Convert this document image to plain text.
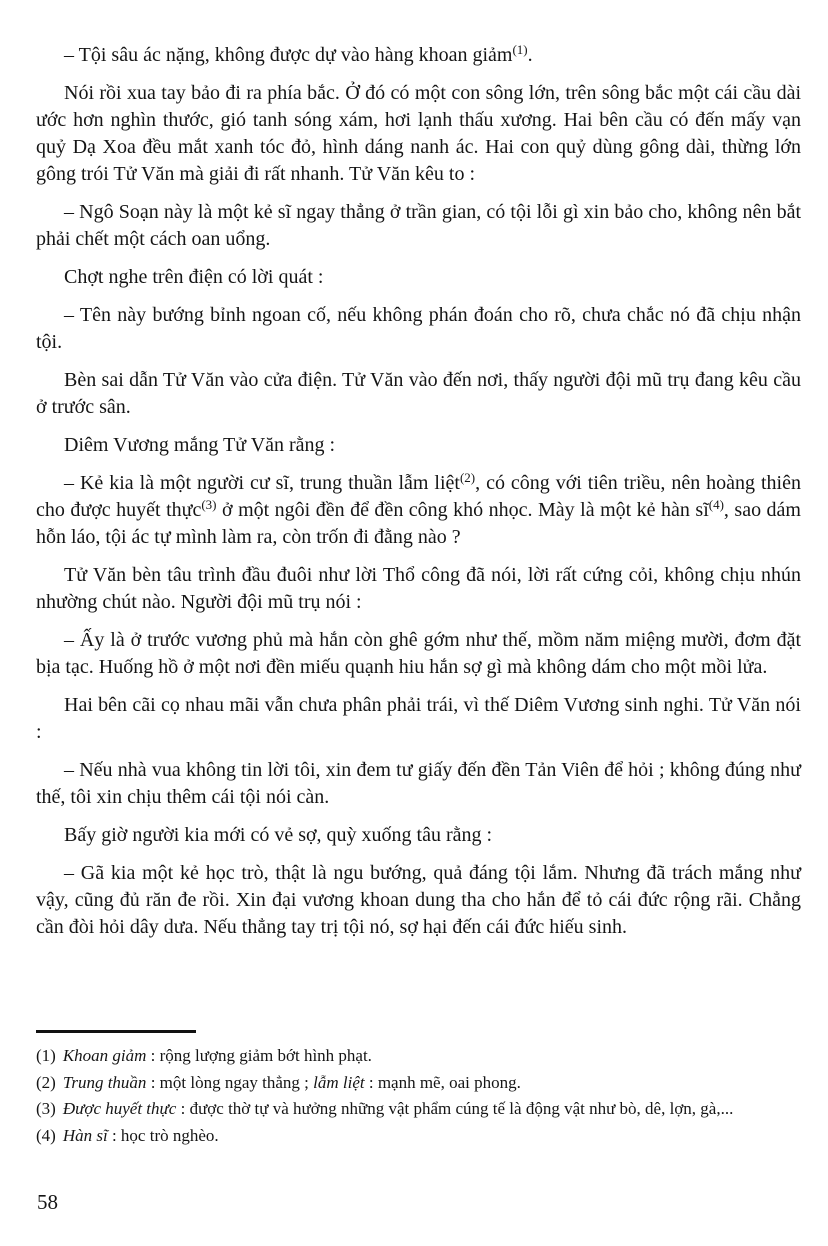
– Tội sâu ác nặng, không được dự vào hàng khoan giảm$^{(1)}$.

Nói rồi xua tay bảo đi ra phía bắc. Ở đó có một con sông lớn, trên sông bắc một cái cầu dài ước hơn nghìn thước, gió tanh sóng xám, hơi lạnh thấu xương. Hai bên cầu có đến mấy vạn quỷ Dạ Xoa đều mắt xanh tóc đỏ, hình dáng nanh ác. Hai con quỷ dùng gông dài, thừng lớn gông trói Tử Văn mà giải đi rất nhanh. Tử Văn kêu to :

– Ngô Soạn này là một kẻ sĩ ngay thẳng ở trần gian, có tội lỗi gì xin bảo cho, không nên bắt phải chết một cách oan uổng.

Chợt nghe trên điện có lời quát :

– Tên này bướng bỉnh ngoan cố, nếu không phán đoán cho rõ, chưa chắc nó đã chịu nhận tội.

Bèn sai dẫn Tử Văn vào cửa điện. Tử Văn vào đến nơi, thấy người đội mũ trụ đang kêu cầu ở trước sân.

Diêm Vương mắng Tử Văn rằng :

– Kẻ kia là một người cư sĩ, trung thuần lẫm liệt$^{(2)}$, có công với tiên triều, nên hoàng thiên cho được huyết thực$^{(3)}$ ở một ngôi đền để đền công khó nhọc. Mày là một kẻ hàn sĩ$^{(4)}$, sao dám hỗn láo, tội ác tự mình làm ra, còn trốn đi đằng nào ?

Tử Văn bèn tâu trình đầu đuôi như lời Thổ công đã nói, lời rất cứng cỏi, không chịu nhún nhường chút nào. Người đội mũ trụ nói :

– Ấy là ở trước vương phủ mà hắn còn ghê gớm như thế, mồm năm miệng mười, đơm đặt bịa tạc. Huống hồ ở một nơi đền miếu quạnh hiu hắn sợ gì mà không dám cho một mồi lửa.

Hai bên cãi cọ nhau mãi vẫn chưa phân phải trái, vì thế Diêm Vương sinh nghi. Tử Văn nói :

– Nếu nhà vua không tin lời tôi, xin đem tư giấy đến đền Tản Viên để hỏi ; không đúng như thế, tôi xin chịu thêm cái tội nói càn.

Bấy giờ người kia mới có vẻ sợ, quỳ xuống tâu rằng :

– Gã kia một kẻ học trò, thật là ngu bướng, quả đáng tội lắm. Nhưng đã trách mắng như vậy, cũng đủ răn đe rồi. Xin đại vương khoan dung tha cho hắn để tỏ cái đức rộng rãi. Chẳng cần đòi hỏi dây dưa. Nếu thẳng tay trị tội nó, sợ hại đến cái đức hiếu sinh.

(1) Khoan giảm : rộng lượng giảm bớt hình phạt.
(2) Trung thuần : một lòng ngay thẳng ; lẫm liệt : mạnh mẽ, oai phong.
(3) Được huyết thực : được thờ tự và hưởng những vật phẩm cúng tế là động vật như bò, dê, lợn, gà,...
(4) Hàn sĩ : học trò nghèo.
58
